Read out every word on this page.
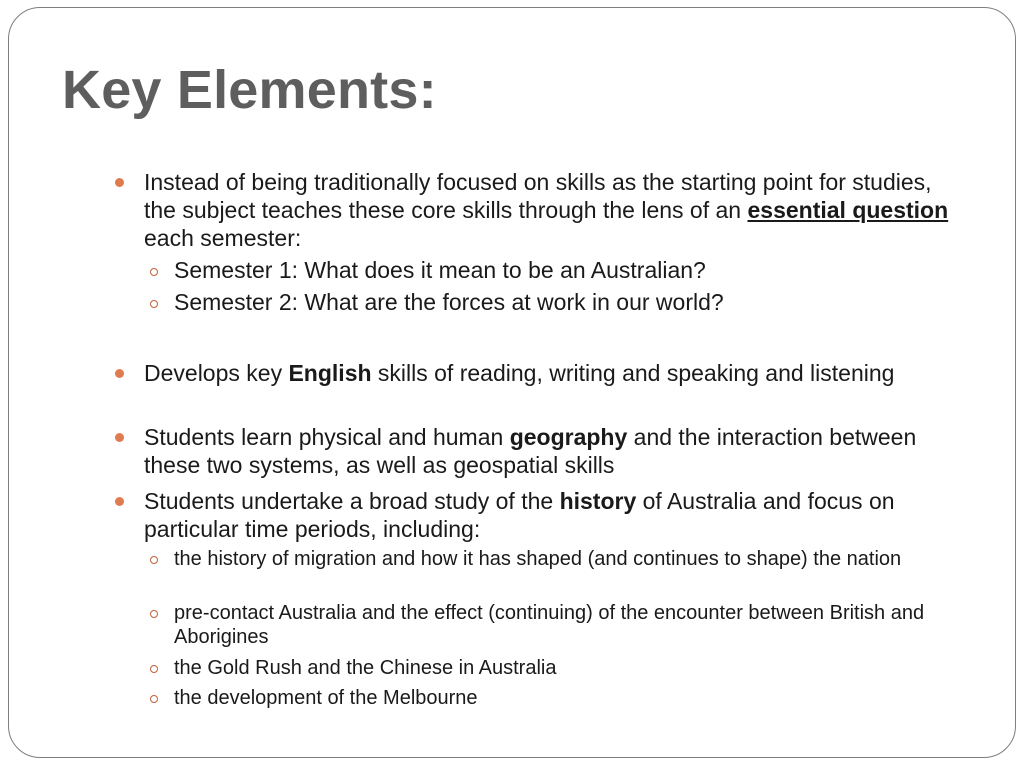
Key Elements:
Instead of being traditionally focused on skills as the starting point for studies, the subject teaches these core skills through the lens of an essential question each semester:
Semester 1: What does it mean to be an Australian?
Semester 2: What are the forces at work in our world?
Develops key English skills of reading, writing and speaking and listening
Students learn physical and human geography and the interaction between these two systems, as well as geospatial skills
Students undertake a broad study of the history of Australia and focus on particular time periods, including:
the history of migration and how it has shaped (and continues to shape) the nation
pre-contact Australia and the effect (continuing) of the encounter between British and Aborigines
the Gold Rush and the Chinese in Australia
the development of the Melbourne
